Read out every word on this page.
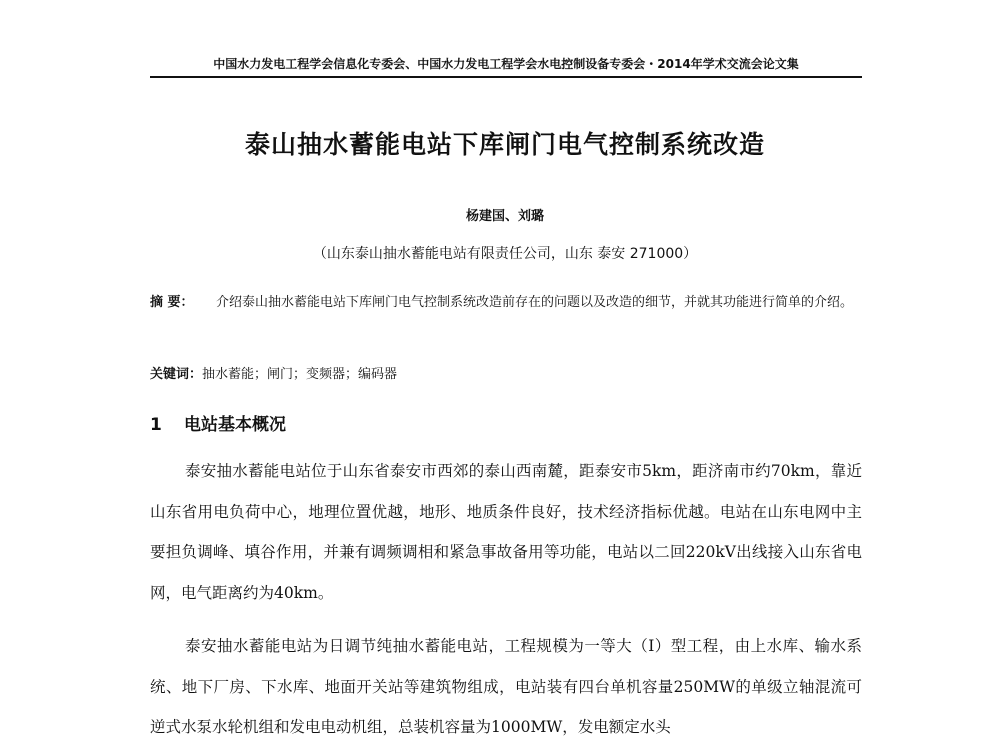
中国水力发电工程学会信息化专委会、中国水力发电工程学会水电控制设备专委会・2014年学术交流会论文集
泰山抽水蓄能电站下库闸门电气控制系统改造
杨建国、刘璐
（山东泰山抽水蓄能电站有限责任公司，山东 泰安 271000）
摘 要：	介绍泰山抽水蓄能电站下库闸门电气控制系统改造前存在的问题以及改造的细节，并就其功能进行简单的介绍。
关键词：抽水蓄能；闸门；变频器；编码器
1 电站基本概况
泰安抽水蓄能电站位于山东省泰安市西郊的泰山西南麓，距泰安市5km，距济南市约70km，靠近山东省用电负荷中心，地理位置优越，地形、地质条件良好，技术经济指标优越。电站在山东电网中主要担负调峰、填谷作用，并兼有调频调相和紧急事故备用等功能，电站以二回220kV出线接入山东省电网，电气距离约为40km。
泰安抽水蓄能电站为日调节纯抽水蓄能电站，工程规模为一等大（Ⅰ）型工程，由上水库、输水系统、地下厂房、下水库、地面开关站等建筑物组成，电站装有四台单机容量250MW的单级立轴混流可逆式水泵水轮机组和发电电动机组，总装机容量为1000MW，发电额定水头
